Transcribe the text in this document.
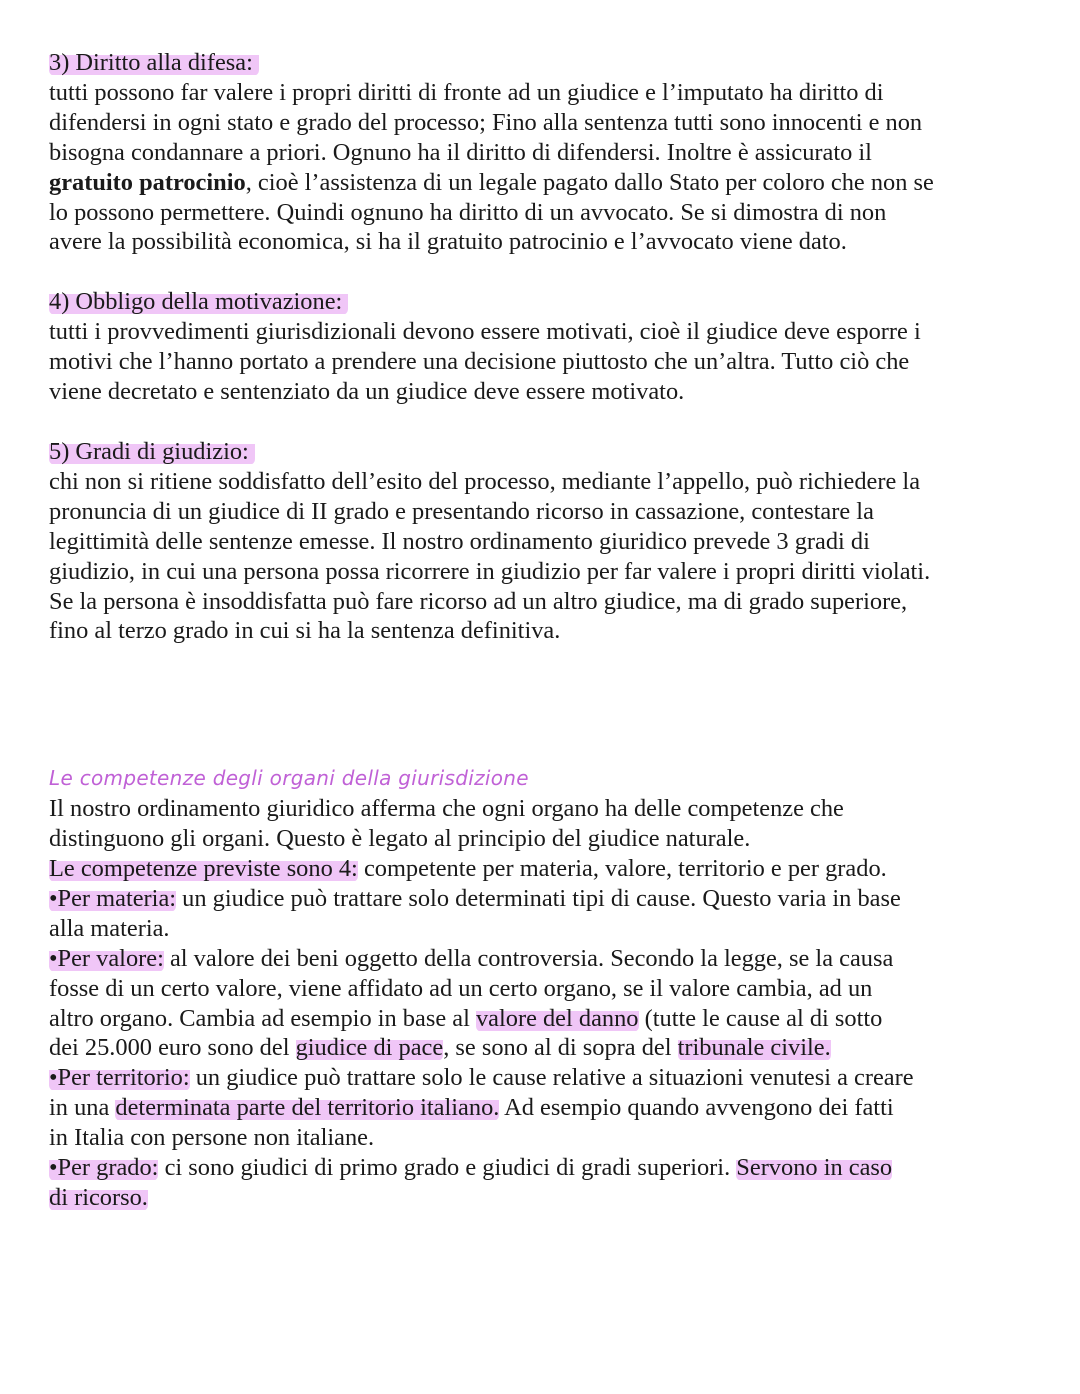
3) Diritto alla difesa:
tutti possono far valere i propri diritti di fronte ad un giudice e l’imputato ha diritto di
difendersi in ogni stato e grado del processo; Fino alla sentenza tutti sono innocenti e non
bisogna condannare a priori. Ognuno ha il diritto di difendersi. Inoltre è assicurato il
gratuito patrocinio, cioè l’assistenza di un legale pagato dallo Stato per coloro che non se
lo possono permettere. Quindi ognuno ha diritto di un avvocato. Se si dimostra di non
avere la possibilità economica, si ha il gratuito patrocinio e l’avvocato viene dato.
4) Obbligo della motivazione:
tutti i provvedimenti giurisdizionali devono essere motivati, cioè il giudice deve esporre i
motivi che l’hanno portato a prendere una decisione piuttosto che un’altra. Tutto ciò che
viene decretato e sentenziato da un giudice deve essere motivato.
5) Gradi di giudizio:
chi non si ritiene soddisfatto dell’esito del processo, mediante l’appello, può richiedere la
pronuncia di un giudice di II grado e presentando ricorso in cassazione, contestare la
legittimità delle sentenze emesse. Il nostro ordinamento giuridico prevede 3 gradi di
giudizio, in cui una persona possa ricorrere in giudizio per far valere i propri diritti violati.
Se la persona è insoddisfatta può fare ricorso ad un altro giudice, ma di grado superiore,
fino al terzo grado in cui si ha la sentenza definitiva.
Le competenze degli organi della giurisdizione
Il nostro ordinamento giuridico afferma che ogni organo ha delle competenze che
distinguono gli organi. Questo è legato al principio del giudice naturale.
Le competenze previste sono 4: competente per materia, valore, territorio e per grado.
•Per materia: un giudice può trattare solo determinati tipi di cause. Questo varia in base
alla materia.
•Per valore: al valore dei beni oggetto della controversia. Secondo la legge, se la causa
fosse di un certo valore, viene affidato ad un certo organo, se il valore cambia, ad un
altro organo. Cambia ad esempio in base al valore del danno (tutte le cause al di sotto
dei 25.000 euro sono del giudice di pace, se sono al di sopra del tribunale civile.
•Per territorio: un giudice può trattare solo le cause relative a situazioni venutesi a creare
in una determinata parte del territorio italiano. Ad esempio quando avvengono dei fatti
in Italia con persone non italiane.
•Per grado: ci sono giudici di primo grado e giudici di gradi superiori. Servono in caso
di ricorso.
